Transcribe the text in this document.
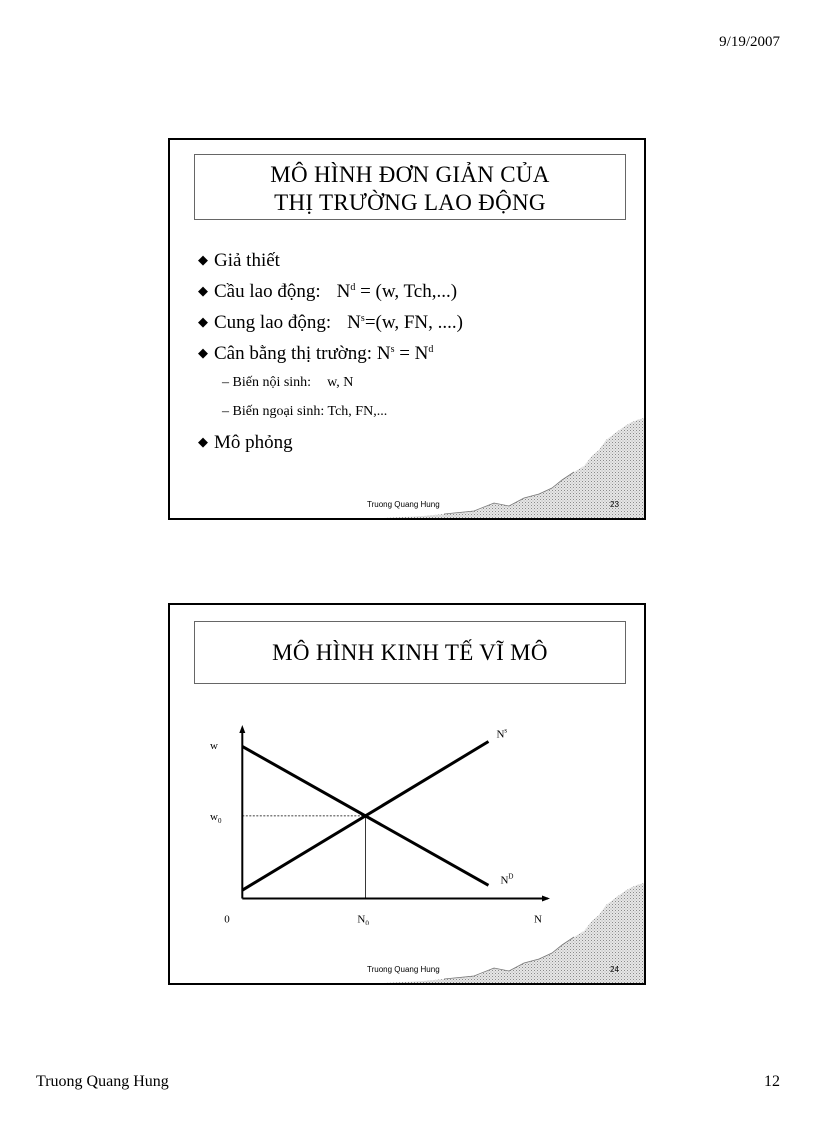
9/19/2007
MÔ HÌNH ĐƠN GIẢN CỦA
THỊ TRƯỜNG LAO ĐỘNG
◆ Giả thiết
◆ Cầu lao động: $N^d = (w$, Tch,...)
◆ Cung lao động: $N^s=(w$, FN, ....)
◆ Cân bằng thị trường: $N^s = N^d$
– Biến nội sinh: w, N
– Biến ngoại sinh: Tch, FN,...
◆ Mô phỏng
Truong Quang Hung	23
MÔ HÌNH KINH TẾ VĨ MÔ
$N^s$
$N^D$
w
N
0
$w_0$
$N_0$
Truong Quang Hung	24
Truong Quang Hung	12
